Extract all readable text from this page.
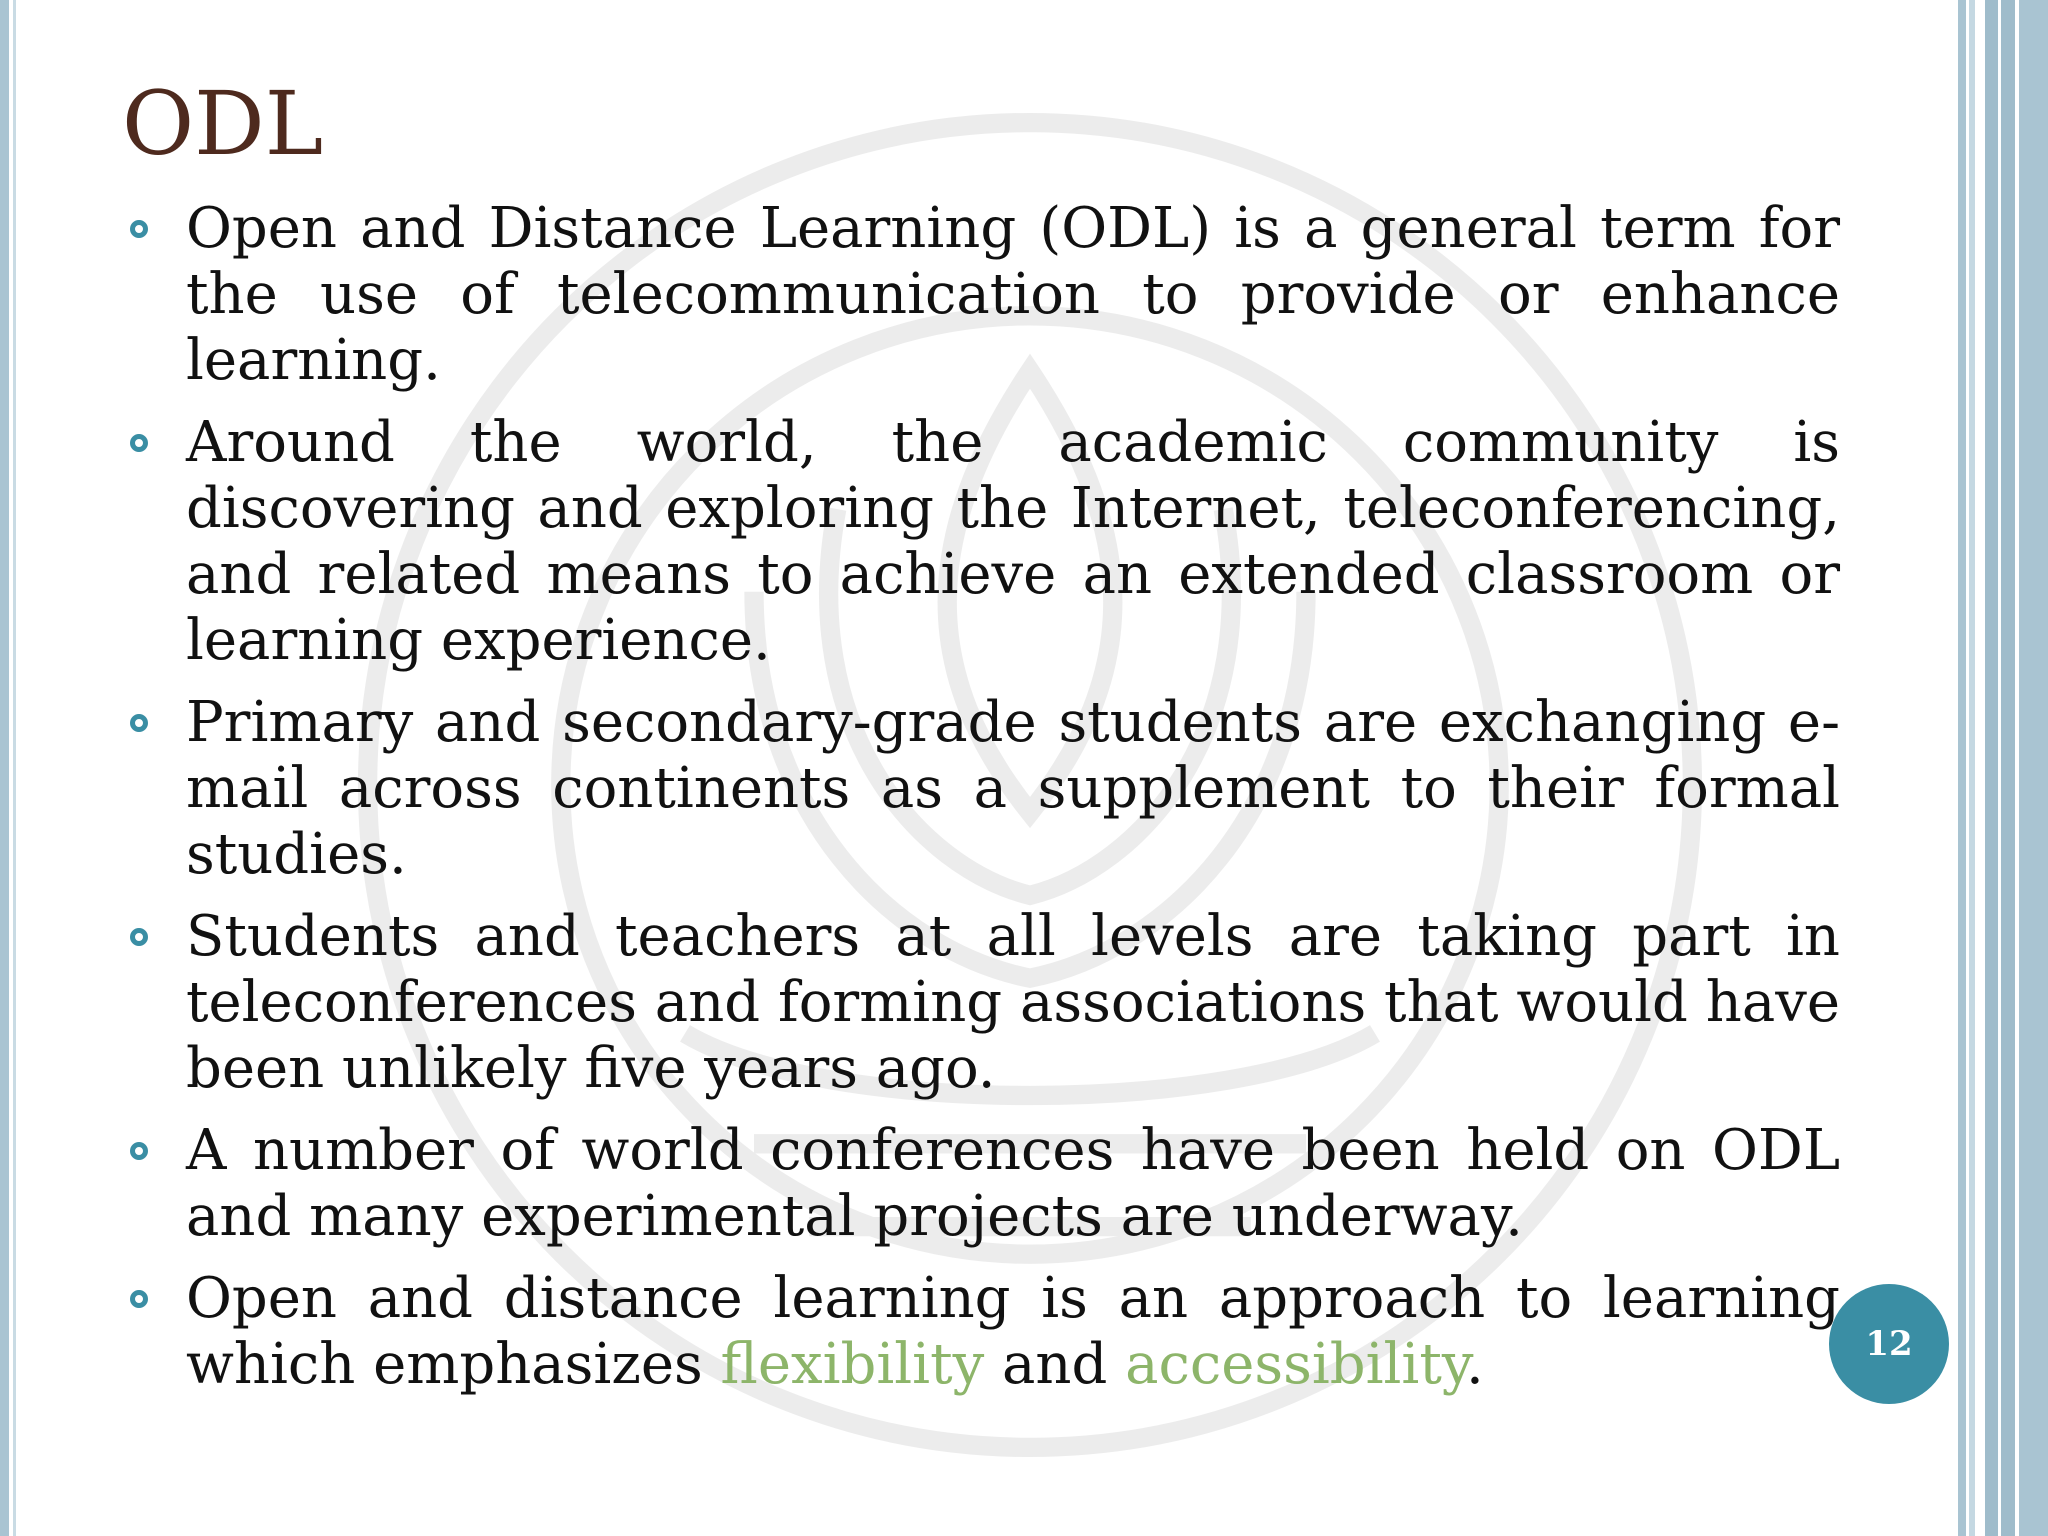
ODL
Open and Distance Learning (ODL) is a general term for the use of telecommunication to provide or enhance learning.
Around the world, the academic community is discovering and exploring the Internet, teleconferencing, and related means to achieve an extended classroom or learning experience.
Primary and secondary-grade students are exchanging e-mail across continents as a supplement to their formal studies.
Students and teachers at all levels are taking part in teleconferences and forming associations that would have been unlikely five years ago.
A number of world conferences have been held on ODL and many experimental projects are underway.
Open and distance learning is an approach to learning which emphasizes flexibility and accessibility.	12
